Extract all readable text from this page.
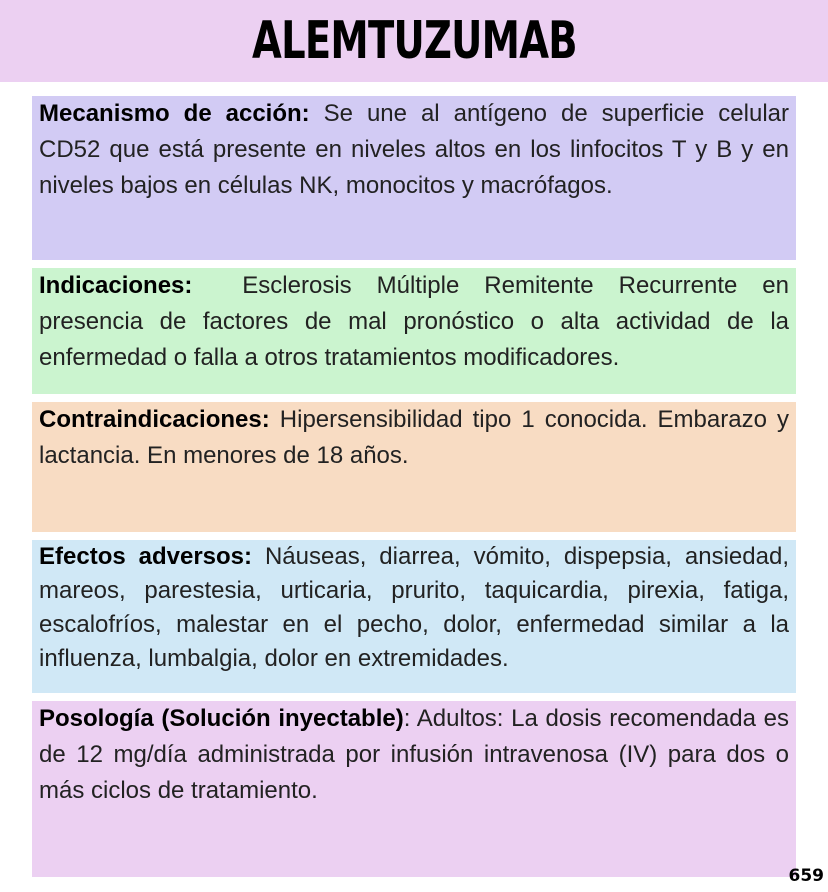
ALEMTUZUMAB
Mecanismo de acción: Se une al antígeno de superficie celular CD52 que está presente en niveles altos en los linfocitos T y B y en niveles bajos en células NK, monocitos y macrófagos.
Indicaciones: Esclerosis Múltiple Remitente Recurrente en presencia de factores de mal pronóstico o alta actividad de la enfermedad o falla a otros tratamientos modificadores.
Contraindicaciones: Hipersensibilidad tipo 1 conocida. Embarazo y lactancia. En menores de 18 años.
Efectos adversos: Náuseas, diarrea, vómito, dispepsia, ansiedad, mareos, parestesia, urticaria, prurito, taquicardia, pirexia, fatiga, escalofríos, malestar en el pecho, dolor, enfermedad similar a la influenza, lumbalgia, dolor en extremidades.
Posología (Solución inyectable): Adultos: La dosis recomendada es de 12 mg/día administrada por infusión intravenosa (IV) para dos o más ciclos de tratamiento.
659
